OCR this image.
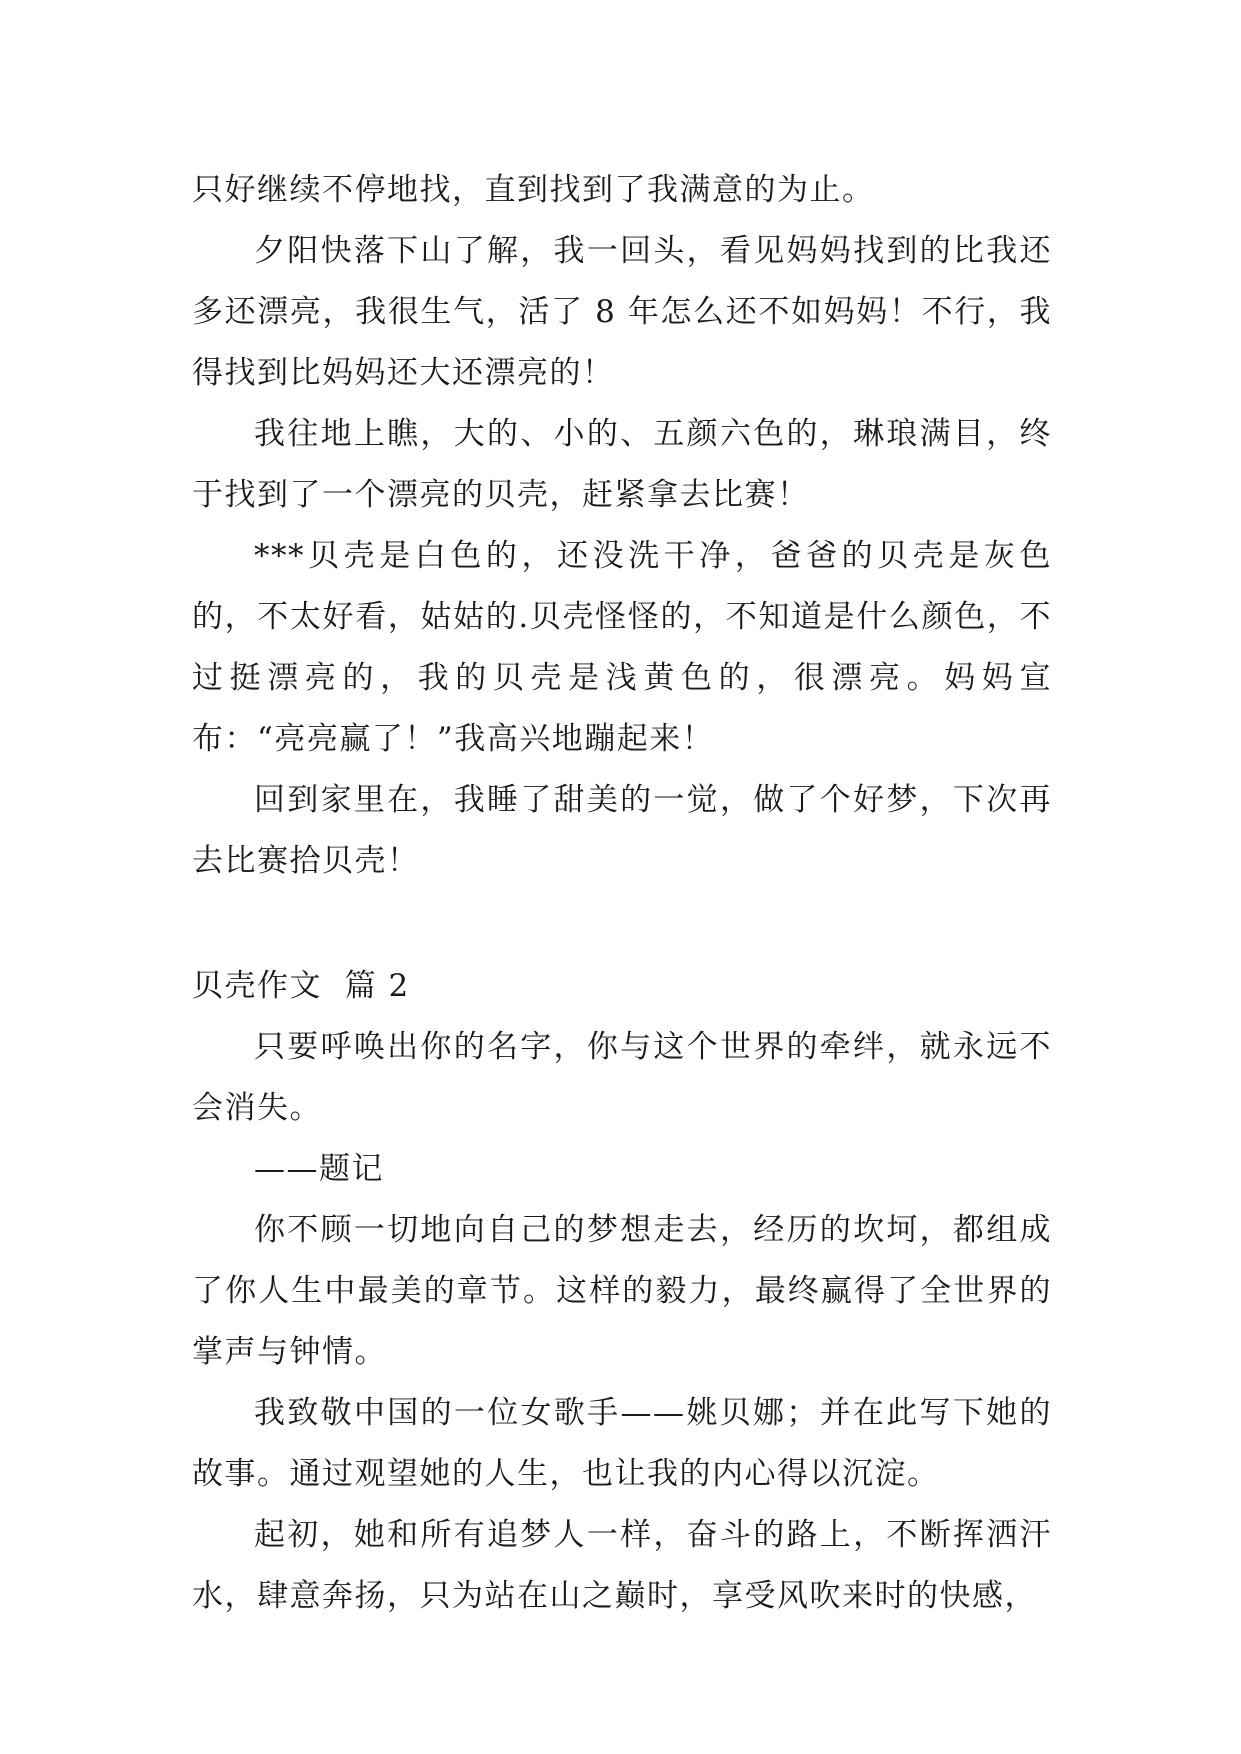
只好继续不停地找，直到找到了我满意的为止。

夕阳快落下山了解，我一回头，看见妈妈找到的比我还多还漂亮，我很生气，活了 8 年怎么还不如妈妈！不行，我得找到比妈妈还大还漂亮的！

我往地上瞧，大的、小的、五颜六色的，琳琅满目，终于找到了一个漂亮的贝壳，赶紧拿去比赛！

***贝壳是白色的，还没洗干净，爸爸的贝壳是灰色的，不太好看，姑姑的.贝壳怪怪的，不知道是什么颜色，不过挺漂亮的，我的贝壳是浅黄色的，很漂亮。妈妈宣布：“亮亮赢了！”我高兴地蹦起来！

回到家里在，我睡了甜美的一觉，做了个好梦，下次再去比赛拾贝壳！

贝壳作文  篇 2

只要呼唤出你的名字，你与这个世界的牵绊，就永远不会消失。

——题记

你不顾一切地向自己的梦想走去，经历的坎坷，都组成了你人生中最美的章节。这样的毅力，最终赢得了全世界的掌声与钟情。

我致敬中国的一位女歌手——姚贝娜；并在此写下她的故事。通过观望她的人生，也让我的内心得以沉淀。

起初，她和所有追梦人一样，奋斗的路上，不断挥洒汗水，肆意奔扬，只为站在山之巅时，享受风吹来时的快感，
